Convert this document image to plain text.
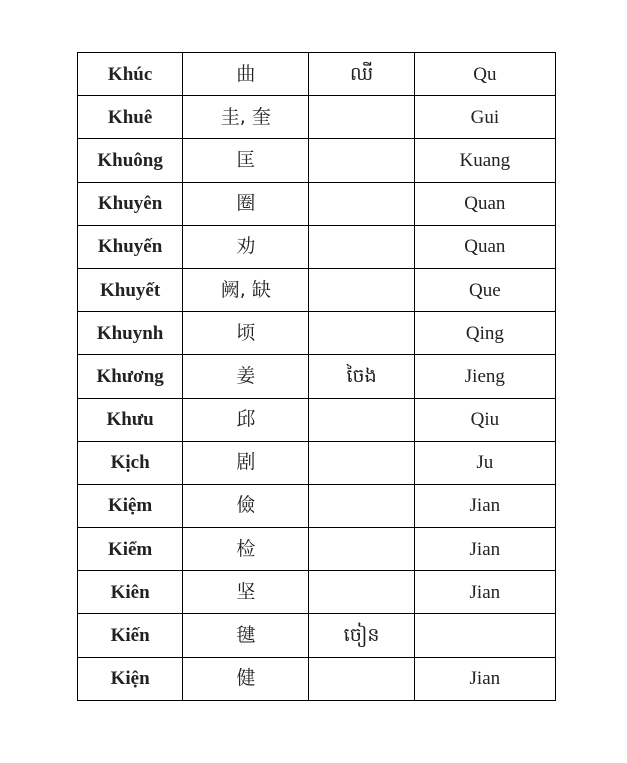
Khúc	曲	ឈី	Qu
Khuê	圭, 奎		Gui
Khuông	匡		Kuang
Khuyên	圈		Quan
Khuyến	劝		Quan
Khuyết	阙, 缺		Que
Khuynh	顷		Qing
Khương	姜	ចៃង	Jieng
Khưu	邱		Qiu
Kịch	剧		Ju
Kiệm	儉		Jian
Kiểm	检		Jian
Kiên	坚		Jian
Kiến	毽	ចៀន	
Kiện	健		Jian
